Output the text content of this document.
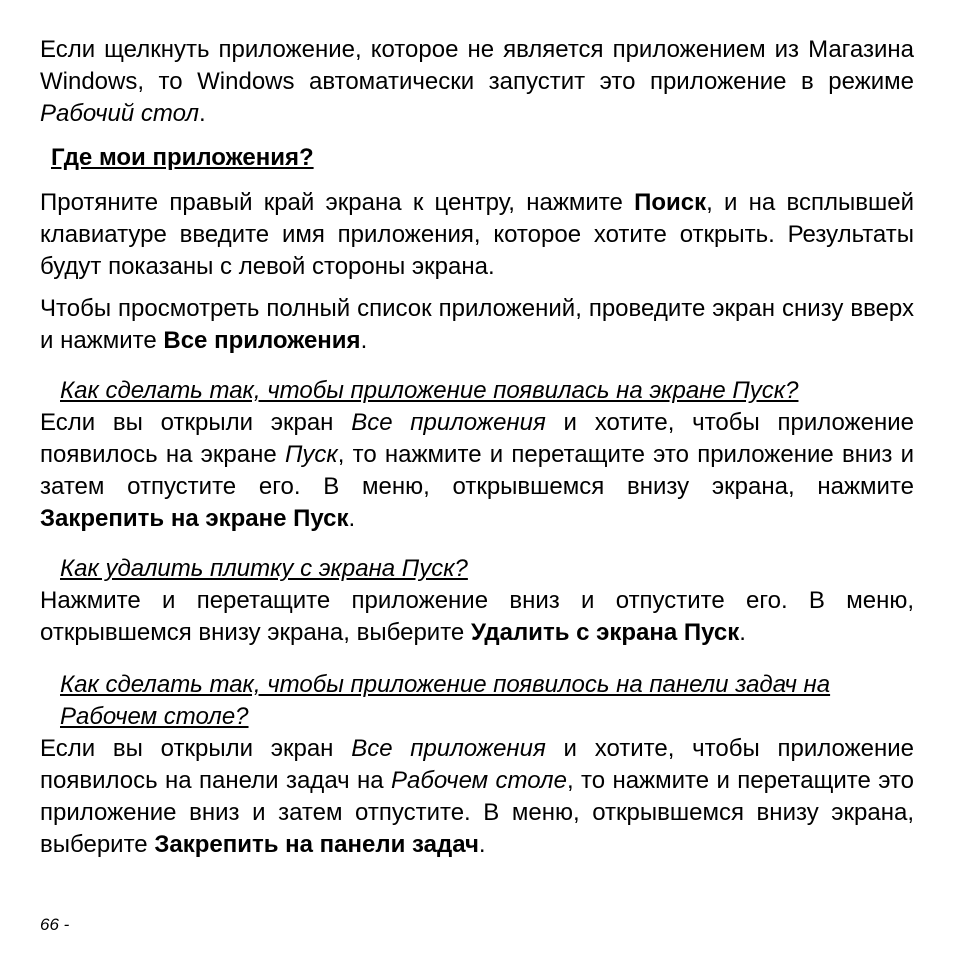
Если щелкнуть приложение, которое не является приложением из Магазина Windows, то Windows автоматически запустит это приложение в режиме Рабочий стол.

Где мои приложения?

Протяните правый край экрана к центру, нажмите Поиск, и на всплывшей клавиатуре введите имя приложения, которое хотите открыть. Результаты будут показаны с левой стороны экрана.

Чтобы просмотреть полный список приложений, проведите экран снизу вверх и нажмите Все приложения.

Как сделать так, чтобы приложение появилась на экране Пуск?

Если вы открыли экран Все приложения и хотите, чтобы приложение появилось на экране Пуск, то нажмите и перетащите это приложение вниз и затем отпустите его. В меню, открывшемся внизу экрана, нажмите Закрепить на экране Пуск.

Как удалить плитку с экрана Пуск?

Нажмите и перетащите приложение вниз и отпустите его. В меню, открывшемся внизу экрана, выберите Удалить с экрана Пуск.

Как сделать так, чтобы приложение появилось на панели задач на Рабочем столе?

Если вы открыли экран Все приложения и хотите, чтобы приложение появилось на панели задач на Рабочем столе, то нажмите и перетащите это приложение вниз и затем отпустите. В меню, открывшемся внизу экрана, выберите Закрепить на панели задач.

66 -
